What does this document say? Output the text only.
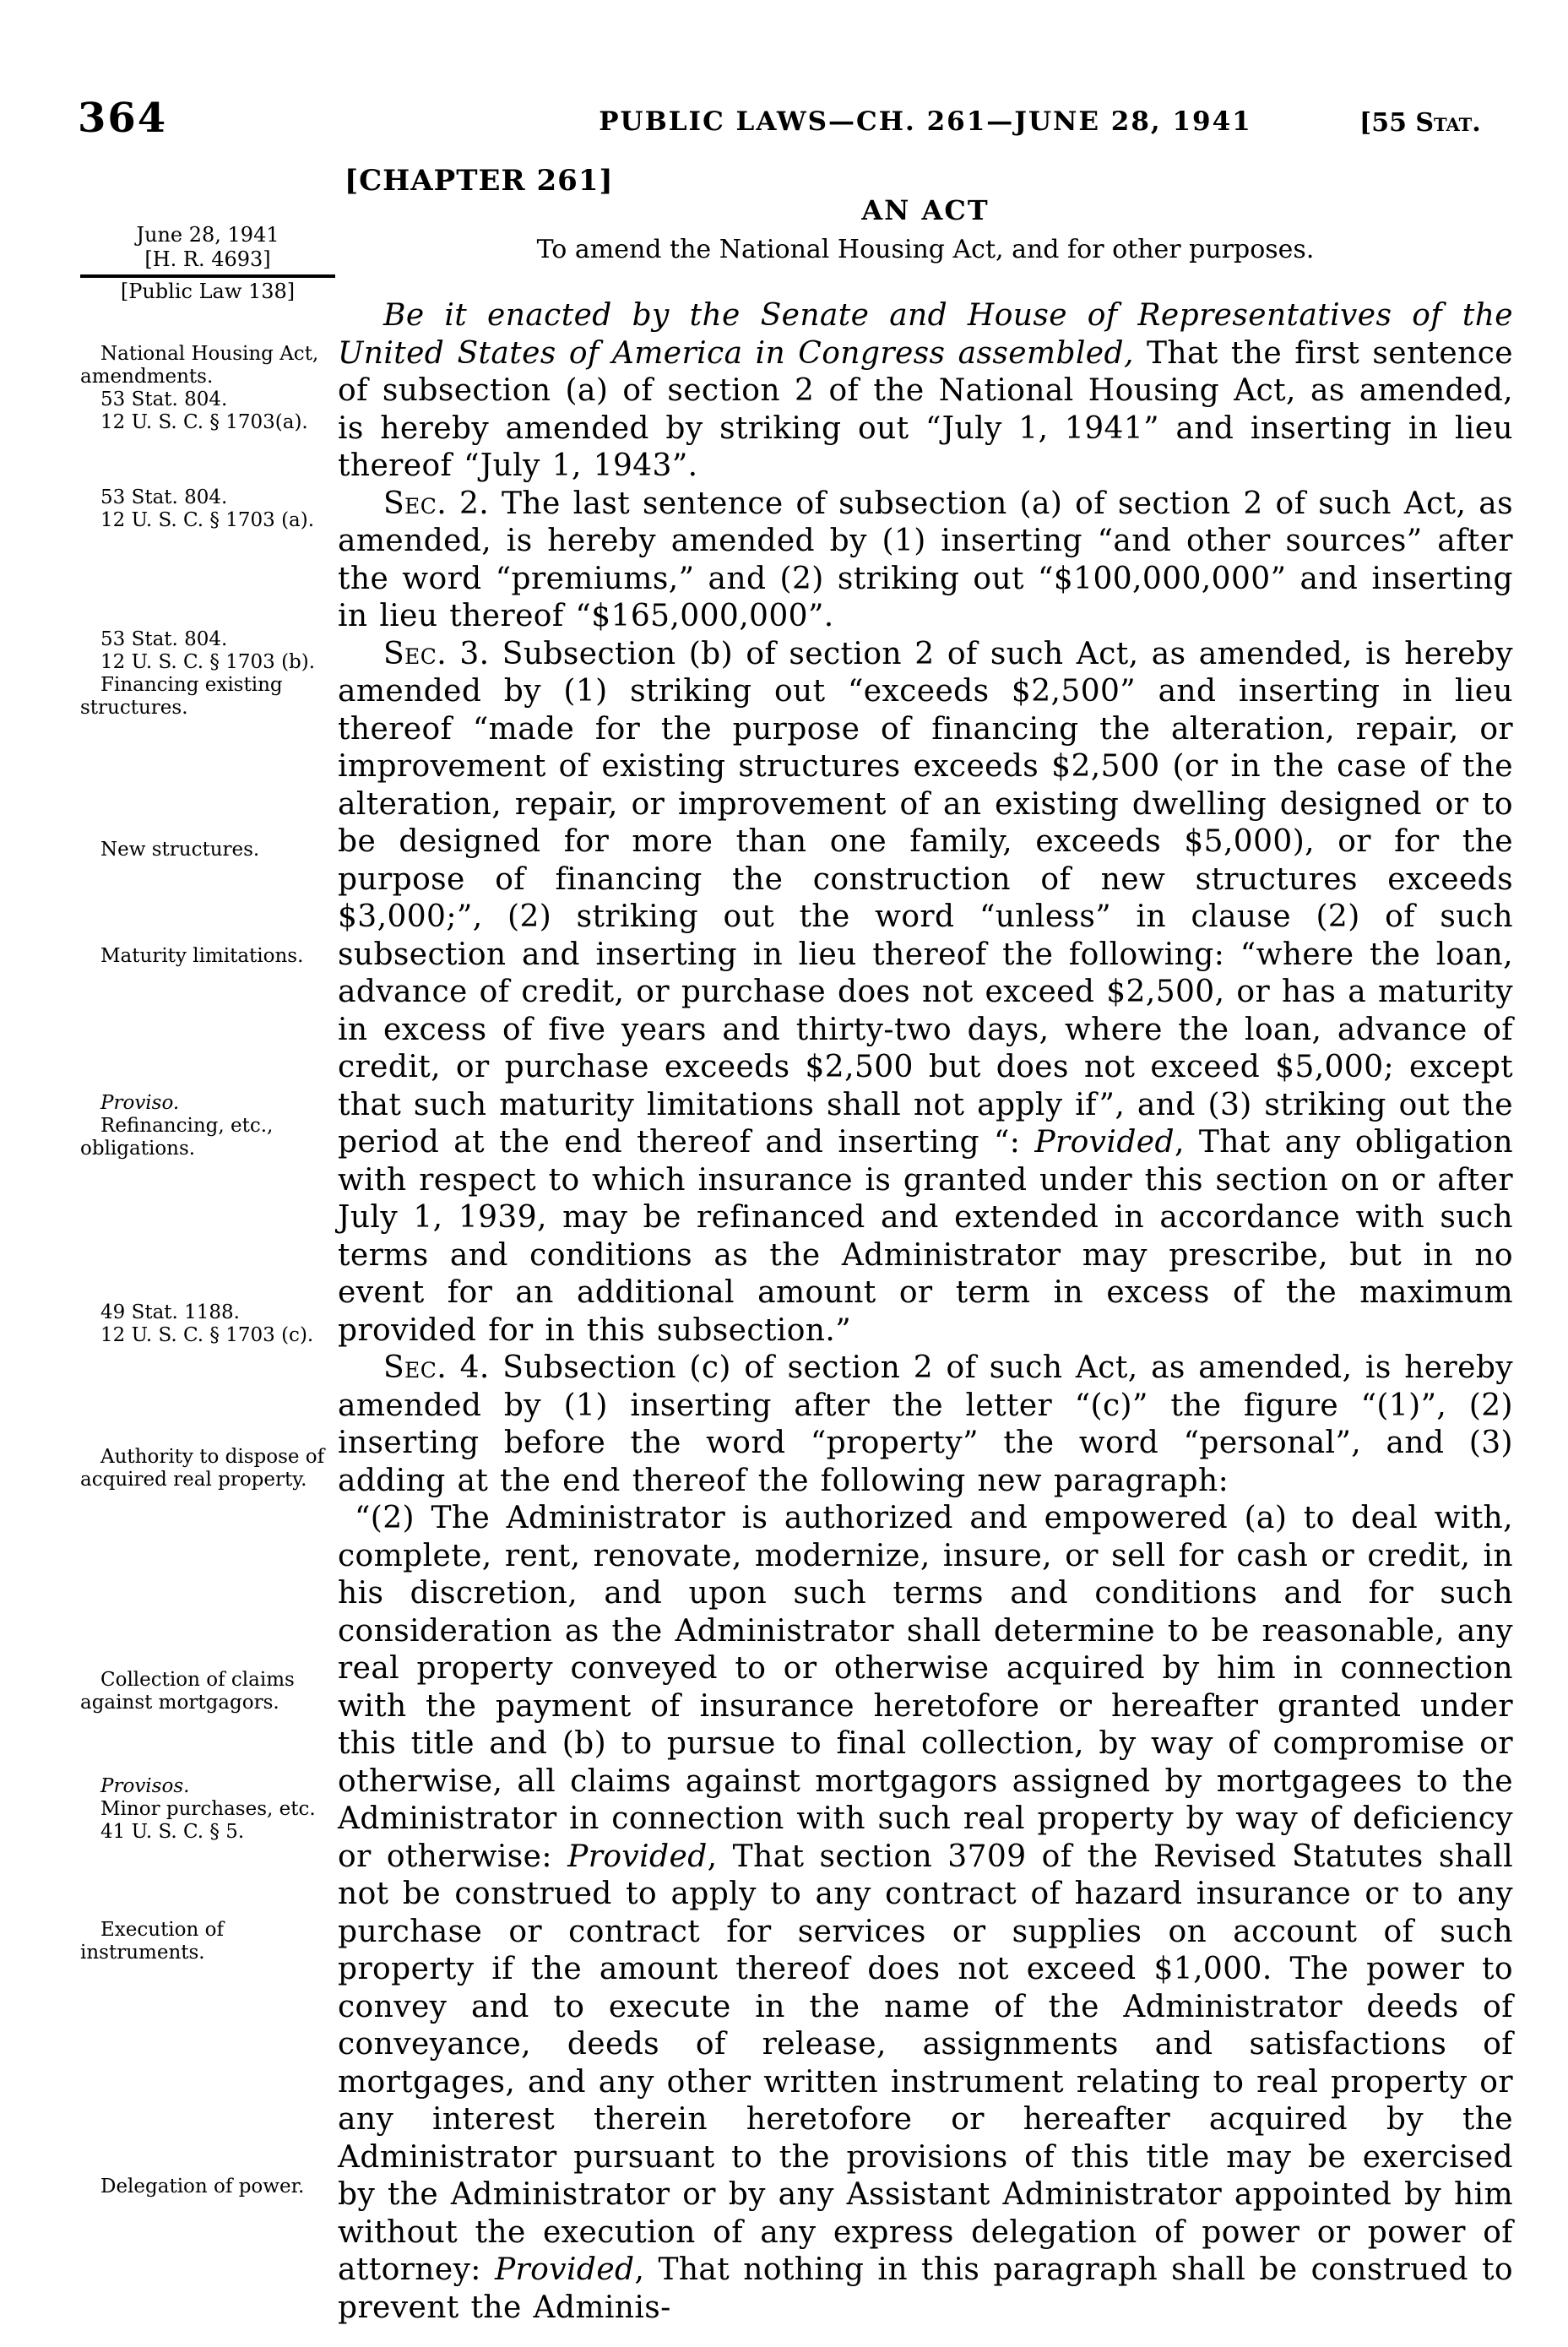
364	PUBLIC LAWS—CH. 261—JUNE 28, 1941	[55 Stat.
[CHAPTER 261]
AN ACT
To amend the National Housing Act, and for other purposes.

June 28, 1941

[H. R. 4693]

[Public Law 138]

National Housing Act, amendments.

53 Stat. 804.

12 U. S. C. § 1703(a).

53 Stat. 804.

12 U. S. C. § 1703 (a).

53 Stat. 804.

12 U. S. C. § 1703 (b).

Financing existing structures.

New structures.

Maturity limitations.

Proviso.

Refinancing, etc., obligations.

49 Stat. 1188.

12 U. S. C. § 1703 (c).

Authority to dispose of acquired real property.

Collection of claims against mortgagors.

Provisos.

Minor purchases, etc.

41 U. S. C. § 5.

Execution of instruments.

Delegation of power.

Be it enacted by the Senate and House of Representatives of the United States of America in Congress assembled, That the first sentence of subsection (a) of section 2 of the National Housing Act, as amended, is hereby amended by striking out “July 1, 1941” and inserting in lieu thereof “July 1, 1943”.

Sec. 2. The last sentence of subsection (a) of section 2 of such Act, as amended, is hereby amended by (1) inserting “and other sources” after the word “premiums,” and (2) striking out “$100,000,000” and inserting in lieu thereof “$165,000,000”.

Sec. 3. Subsection (b) of section 2 of such Act, as amended, is hereby amended by (1) striking out “exceeds $2,500” and inserting in lieu thereof “made for the purpose of financing the alteration, repair, or improvement of existing structures exceeds $2,500 (or in the case of the alteration, repair, or improvement of an existing dwelling designed or to be designed for more than one family, exceeds $5,000), or for the purpose of financing the construction of new structures exceeds $3,000;”, (2) striking out the word “unless” in clause (2) of such subsection and inserting in lieu thereof the following: “where the loan, advance of credit, or purchase does not exceed $2,500, or has a maturity in excess of five years and thirty-two days, where the loan, advance of credit, or purchase exceeds $2,500 but does not exceed $5,000; except that such maturity limitations shall not apply if”, and (3) striking out the period at the end thereof and inserting “: Provided, That any obligation with respect to which insurance is granted under this section on or after July 1, 1939, may be refinanced and extended in accordance with such terms and conditions as the Administrator may prescribe, but in no event for an additional amount or term in excess of the maximum provided for in this subsection.”

Sec. 4. Subsection (c) of section 2 of such Act, as amended, is hereby amended by (1) inserting after the letter “(c)” the figure “(1)”, (2) inserting before the word “property” the word “personal”, and (3) adding at the end thereof the following new paragraph:

“(2) The Administrator is authorized and empowered (a) to deal with, complete, rent, renovate, modernize, insure, or sell for cash or credit, in his discretion, and upon such terms and conditions and for such consideration as the Administrator shall determine to be reasonable, any real property conveyed to or otherwise acquired by him in connection with the payment of insurance heretofore or hereafter granted under this title and (b) to pursue to final collection, by way of compromise or otherwise, all claims against mortgagors assigned by mortgagees to the Administrator in connection with such real property by way of deficiency or otherwise: Provided, That section 3709 of the Revised Statutes shall not be construed to apply to any contract of hazard insurance or to any purchase or contract for services or supplies on account of such property if the amount thereof does not exceed $1,000. The power to convey and to execute in the name of the Administrator deeds of conveyance, deeds of release, assignments and satisfactions of mortgages, and any other written instrument relating to real property or any interest therein heretofore or hereafter acquired by the Administrator pursuant to the provisions of this title may be exercised by the Administrator or by any Assistant Administrator appointed by him without the execution of any express delegation of power or power of attorney: Provided, That nothing in this paragraph shall be construed to prevent the Adminis-
